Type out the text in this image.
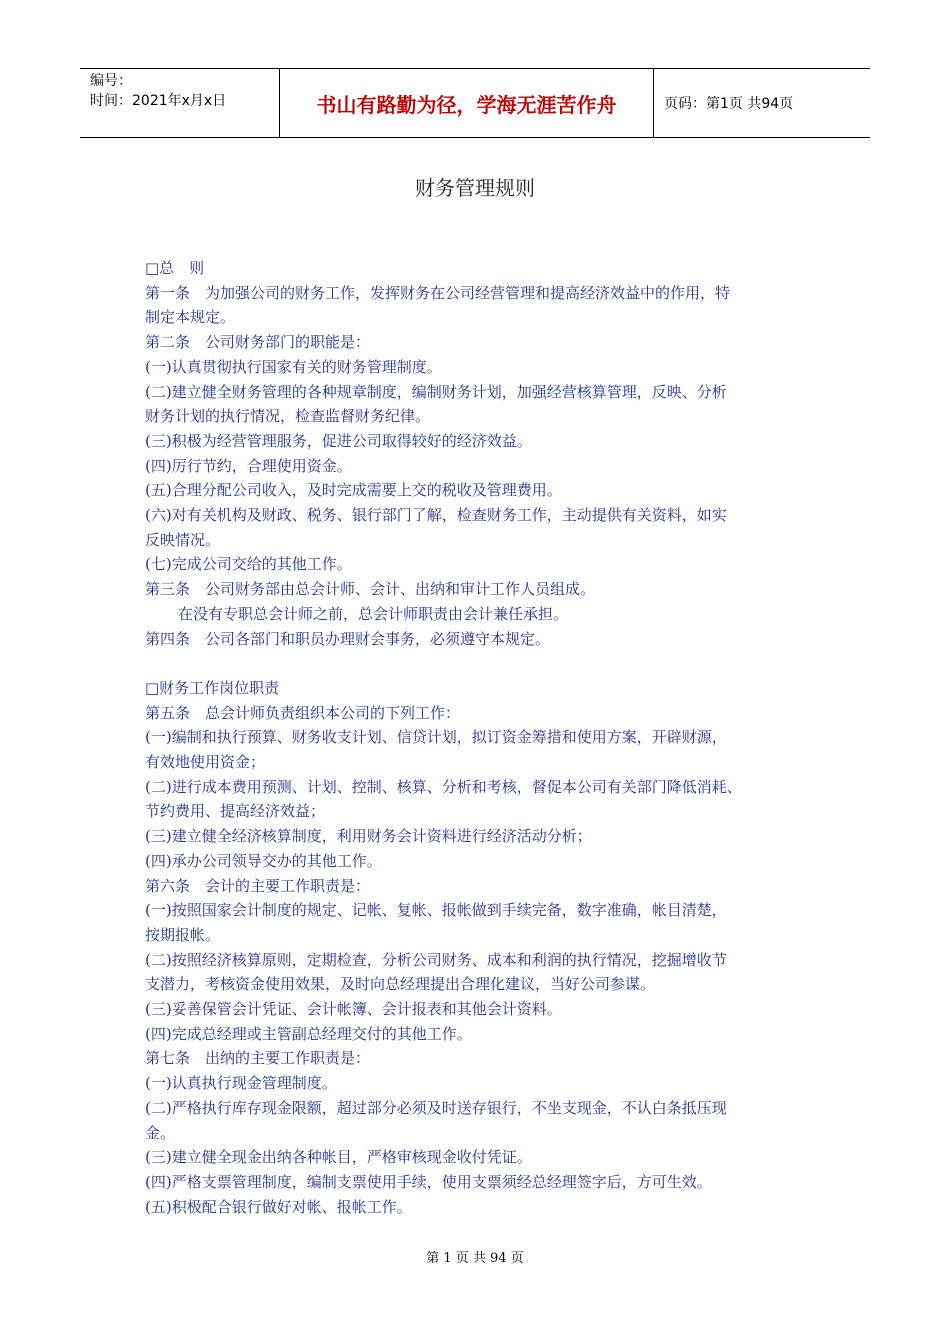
编号：
时间：2021年x月x日	书山有路勤为径，学海无涯苦作舟	页码：第1页 共94页
财务管理规则

□总　则

第一条　为加强公司的财务工作，发挥财务在公司经营管理和提高经济效益中的作用，特

制定本规定。

第二条　公司财务部门的职能是：

(一)认真贯彻执行国家有关的财务管理制度。

(二)建立健全财务管理的各种规章制度，编制财务计划，加强经营核算管理，反映、分析

财务计划的执行情况，检查监督财务纪律。

(三)积极为经营管理服务，促进公司取得较好的经济效益。

(四)厉行节约，合理使用资金。

(五)合理分配公司收入，及时完成需要上交的税收及管理费用。

(六)对有关机构及财政、税务、银行部门了解，检查财务工作，主动提供有关资料，如实

反映情况。

(七)完成公司交给的其他工作。

第三条　公司财务部由总会计师、会计、出纳和审计工作人员组成。

在没有专职总会计师之前，总会计师职责由会计兼任承担。

第四条　公司各部门和职员办理财会事务，必须遵守本规定。

□财务工作岗位职责

第五条　总会计师负责组织本公司的下列工作：

(一)编制和执行预算、财务收支计划、信贷计划，拟订资金筹措和使用方案，开辟财源，

有效地使用资金；

(二)进行成本费用预测、计划、控制、核算、分析和考核，督促本公司有关部门降低消耗、

节约费用、提高经济效益；

(三)建立健全经济核算制度，利用财务会计资料进行经济活动分析；

(四)承办公司领导交办的其他工作。

第六条　会计的主要工作职责是：

(一)按照国家会计制度的规定、记帐、复帐、报帐做到手续完备，数字准确，帐目清楚，

按期报帐。

(二)按照经济核算原则，定期检查，分析公司财务、成本和利润的执行情况，挖掘增收节

支潜力，考核资金使用效果，及时向总经理提出合理化建议，当好公司参谋。

(三)妥善保管会计凭证、会计帐簿、会计报表和其他会计资料。

(四)完成总经理或主管副总经理交付的其他工作。

第七条　出纳的主要工作职责是：

(一)认真执行现金管理制度。

(二)严格执行库存现金限额，超过部分必须及时送存银行，不坐支现金，不认白条抵压现

金。

(三)建立健全现金出纳各种帐目，严格审核现金收付凭证。

(四)严格支票管理制度，编制支票使用手续，使用支票须经总经理签字后，方可生效。

(五)积极配合银行做好对帐、报帐工作。

第 1 页 共 94 页
